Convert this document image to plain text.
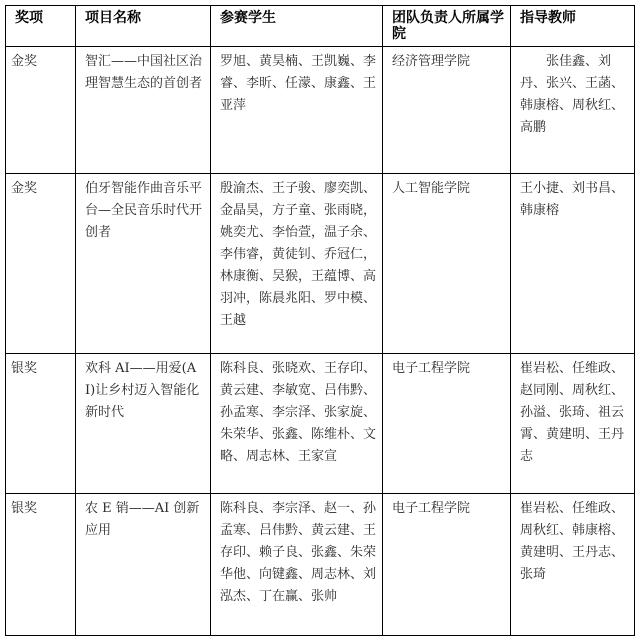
奖项	项目名称	参赛学生	团队负责人所属学院	指导教师
金奖	智汇——中国社区治理智慧生态的首创者	罗旭、黄昊楠、王凯巍、李睿、李昕、任濛、康鑫、王亚萍	经济管理学院	张佳鑫、刘丹、张兴、王菡、韩康榕、周秋红、高鹏
金奖	伯牙智能作曲音乐平台—全民音乐时代开创者	殷渝杰、王子骏、廖奕凯、金晶昊，方子童、张雨晓，姚奕尤、李怡萱，温子余、李伟睿，黄徒钊、乔冠仁，林康衡、吴猴，王蕴博、高羽冲，陈晨兆阳、罗中模、王越	人工智能学院	王小捷、刘书昌、韩康榕
银奖	欢科 AI——用爱(AI)让乡村迈入智能化新时代	陈科良、张晓欢、王存印、黄云建、李敏宽、吕伟黔、孙孟寒、李宗泽、张家旋、朱荣华、张鑫、陈维朴、文略、周志林、王家宣	电子工程学院	崔岩松、任维政、赵同刚、周秋红、孙溢、张琦、祖云霄、黄建明、王丹志
银奖	农 E 销——AI 创新应用	陈科良、李宗泽、赵一、孙孟寒、吕伟黔、黄云建、王存印、赖子良、张鑫、朱荣华他、向键鑫、周志林、刘泓杰、丁在赢、张帅	电子工程学院	崔岩松、任维政、周秋红、韩康榕、黄建明、王丹志、张琦
